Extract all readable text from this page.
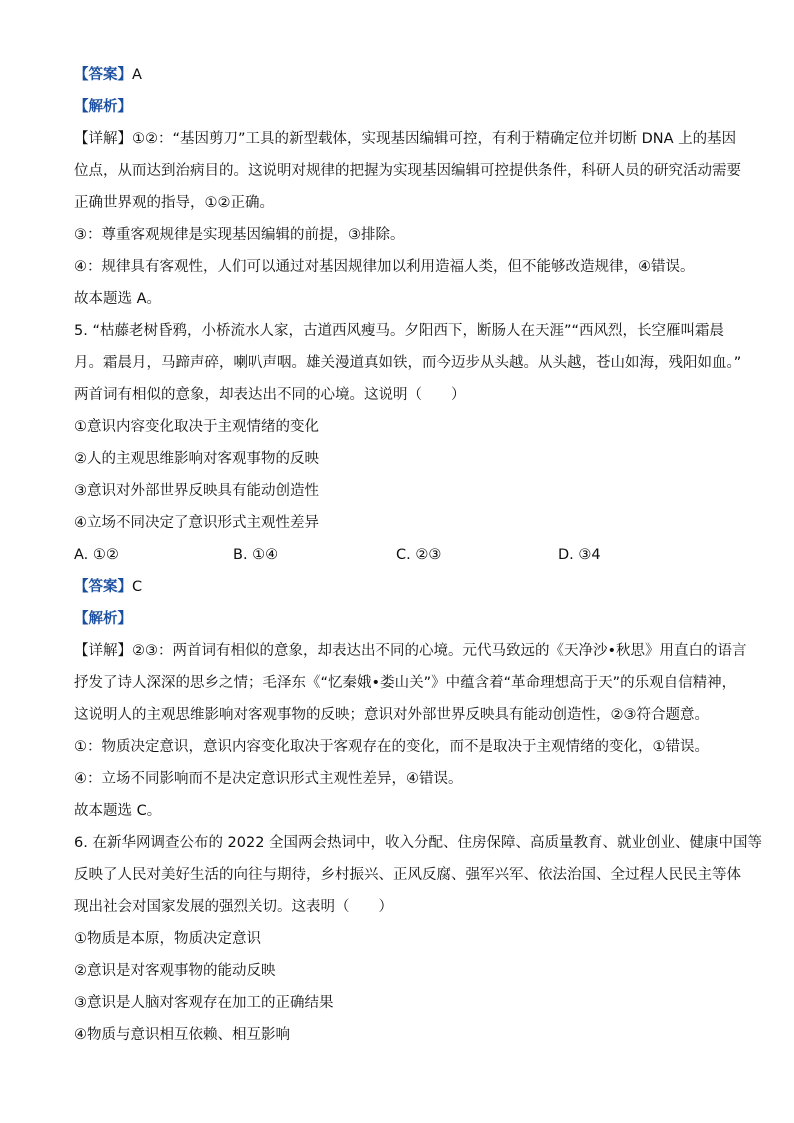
【答案】A

【解析】

【详解】①②：“基因剪刀”工具的新型载体，实现基因编辑可控，有利于精确定位并切断 DNA 上的基因

位点，从而达到治病目的。这说明对规律的把握为实现基因编辑可控提供条件，科研人员的研究活动需要

正确世界观的指导，①②正确。

③：尊重客观规律是实现基因编辑的前提，③排除。

④：规律具有客观性，人们可以通过对基因规律加以利用造福人类，但不能够改造规律，④错误。

故本题选 A。

5. “枯藤老树昏鸦，小桥流水人家，古道西风瘦马。夕阳西下，断肠人在天涯”“西风烈，长空雁叫霜晨

月。霜晨月，马蹄声碎，喇叭声咽。雄关漫道真如铁，而今迈步从头越。从头越，苍山如海，残阳如血。”

两首词有相似的意象，却表达出不同的心境。这说明（　　）

①意识内容变化取决于主观情绪的变化

②人的主观思维影响对客观事物的反映

③意识对外部世界反映具有能动创造性

④立场不同决定了意识形式主观性差异

A. ①②	B. ①④	C. ②③	D. ③4

【答案】C

【解析】

【详解】②③：两首词有相似的意象，却表达出不同的心境。元代马致远的《天净沙•秋思》用直白的语言

抒发了诗人深深的思乡之情；毛泽东《“忆秦娥•娄山关”》中蕴含着“革命理想高于天”的乐观自信精神，

这说明人的主观思维影响对客观事物的反映；意识对外部世界反映具有能动创造性，②③符合题意。

①：物质决定意识，意识内容变化取决于客观存在的变化，而不是取决于主观情绪的变化，①错误。

④：立场不同影响而不是决定意识形式主观性差异，④错误。

故本题选 C。

6. 在新华网调查公布的 2022 全国两会热词中，收入分配、住房保障、高质量教育、就业创业、健康中国等

反映了人民对美好生活的向往与期待，乡村振兴、正风反腐、强军兴军、依法治国、全过程人民民主等体

现出社会对国家发展的强烈关切。这表明（　　）

①物质是本原，物质决定意识

②意识是对客观事物的能动反映

③意识是人脑对客观存在加工的正确结果

④物质与意识相互依赖、相互影响
